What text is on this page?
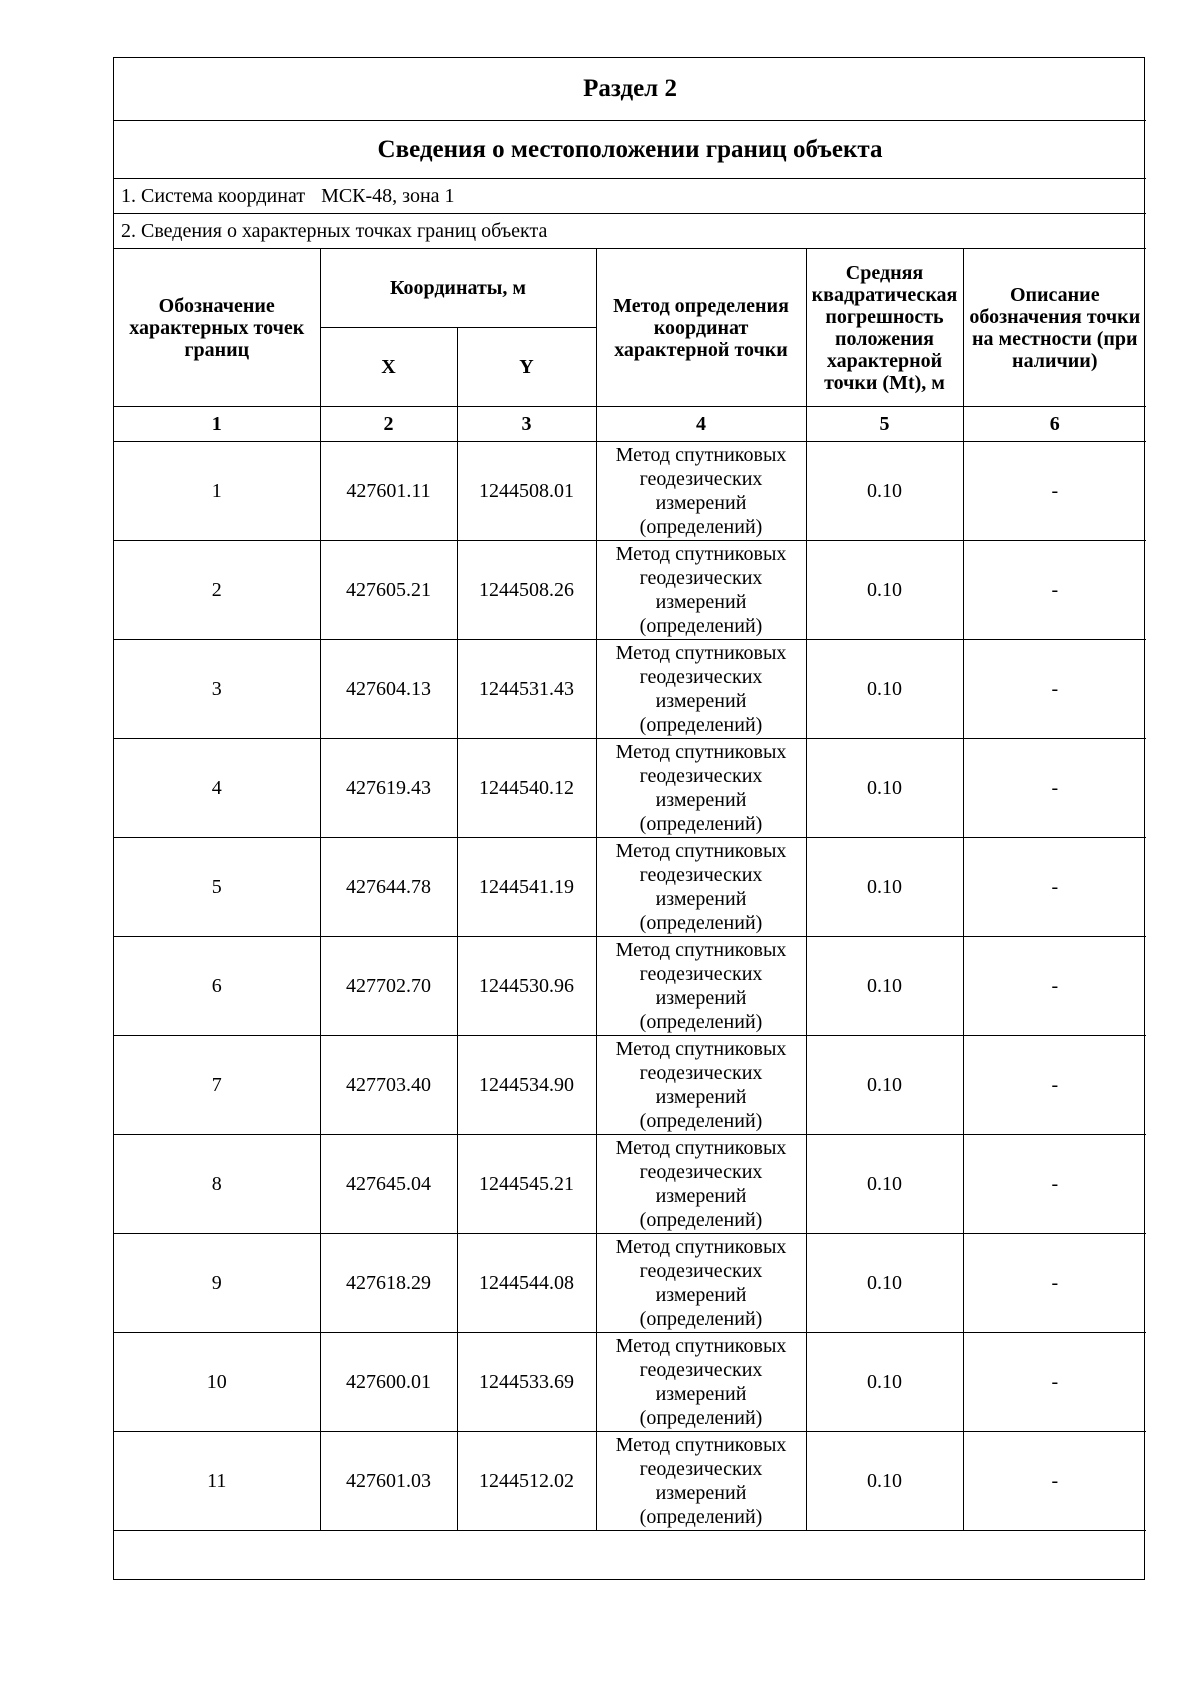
Раздел 2					
Сведения о местоположении границ объекта					
1. Система координат МСК-48, зона 1					
2. Сведения о характерных точках границ объекта					
Обозначение характерных точек границ	Координаты, м		Метод определения координат характерной точки	Средняя квадратическая погрешность положения характерной точки (Mt), м	Описание обозначения точки на местности (при наличии)
	X	Y			
1	2	3	4	5	6
1	427601.11	1244508.01	Метод спутниковых геодезических измерений (определений)	0.10	-
2	427605.21	1244508.26	Метод спутниковых геодезических измерений (определений)	0.10	-
3	427604.13	1244531.43	Метод спутниковых геодезических измерений (определений)	0.10	-
4	427619.43	1244540.12	Метод спутниковых геодезических измерений (определений)	0.10	-
5	427644.78	1244541.19	Метод спутниковых геодезических измерений (определений)	0.10	-
6	427702.70	1244530.96	Метод спутниковых геодезических измерений (определений)	0.10	-
7	427703.40	1244534.90	Метод спутниковых геодезических измерений (определений)	0.10	-
8	427645.04	1244545.21	Метод спутниковых геодезических измерений (определений)	0.10	-
9	427618.29	1244544.08	Метод спутниковых геодезических измерений (определений)	0.10	-
10	427600.01	1244533.69	Метод спутниковых геодезических измерений (определений)	0.10	-
11	427601.03	1244512.02	Метод спутниковых геодезических измерений (определений)	0.10	-
